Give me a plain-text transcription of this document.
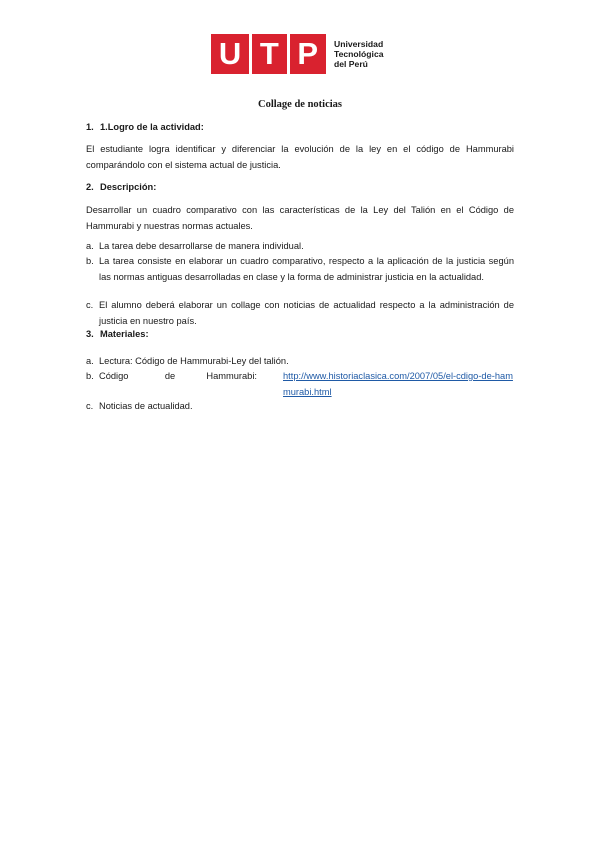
U T P Universidad
Tecnológica
del Perú
Collage de noticias
1. 1.Logro de la actividad:
El estudiante logra identificar y diferenciar la evolución de la ley en el código de Hammurabi comparándolo con el sistema actual de justicia.
2. Descripción:
Desarrollar un cuadro comparativo con las características de la Ley del Talión en el Código de Hammurabi y nuestras normas actuales.
a. La tarea debe desarrollarse de manera individual.
b. La tarea consiste en elaborar un cuadro comparativo, respecto a la aplicación de la justicia según las normas antiguas desarrolladas en clase y la forma de administrar justicia en la actualidad.
c. El alumno deberá elaborar un collage con noticias de actualidad respecto a la administración de justicia en nuestro país.
3. Materiales:
a. Lectura: Código de Hammurabi-Ley del talión.
b. Código	de	Hammurabi:	http://www.historiaclasica.com/2007/05/el-cdigo-de-hammurabi.html
c. Noticias de actualidad.
